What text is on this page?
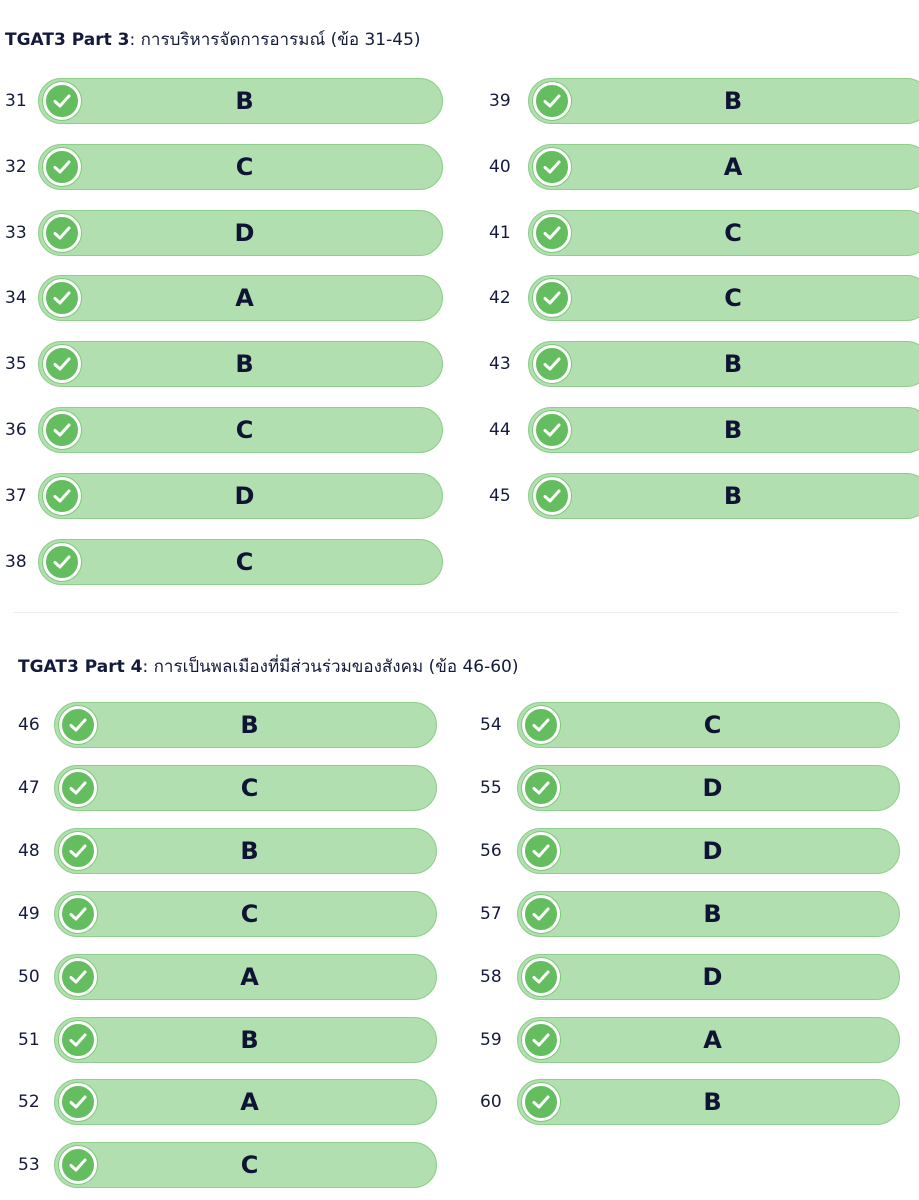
TGAT3 Part 3: การบริหารจัดการอารมณ์ (ข้อ 31-45)
31	B
32	C
33	D
34	A
35	B
36	C
37	D
38	C
39	B
40	A
41	C
42	C
43	B
44	B
45	B
TGAT3 Part 4: การเป็นพลเมืองที่มีส่วนร่วมของสังคม (ข้อ 46-60)
46	B
47	C
48	B
49	C
50	A
51	B
52	A
53	C
54	C
55	D
56	D
57	B
58	D
59	A
60	B
